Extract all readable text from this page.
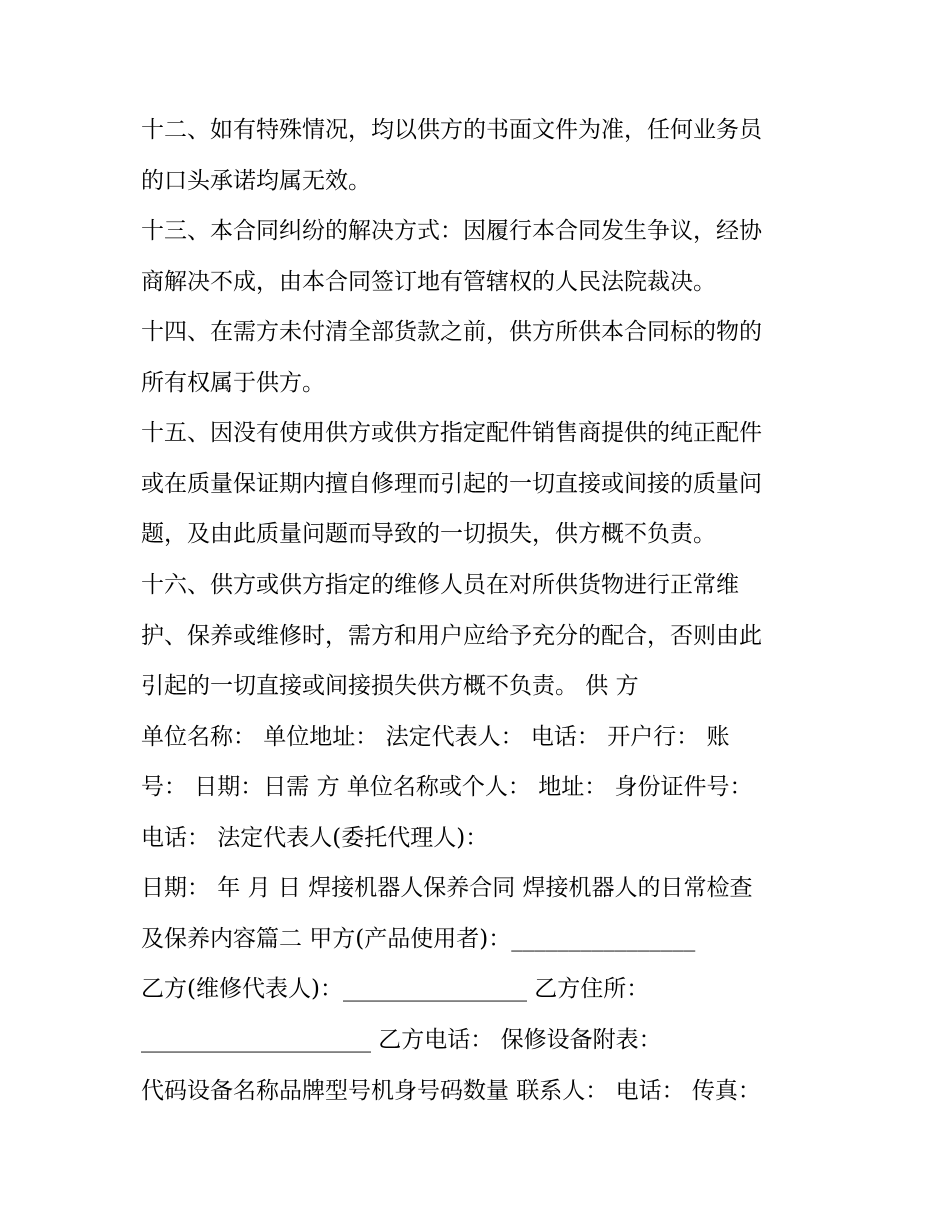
十二、如有特殊情况，均以供方的书面文件为准，任何业务员

的口头承诺均属无效。

十三、本合同纠纷的解决方式：因履行本合同发生争议，经协

商解决不成，由本合同签订地有管辖权的人民法院裁决。

十四、在需方未付清全部货款之前，供方所供本合同标的物的

所有权属于供方。

十五、因没有使用供方或供方指定配件销售商提供的纯正配件

或在质量保证期内擅自修理而引起的一切直接或间接的质量问

题，及由此质量问题而导致的一切损失，供方概不负责。

十六、供方或供方指定的维修人员在对所供货物进行正常维

护、保养或维修时，需方和用户应给予充分的配合，否则由此

引起的一切直接或间接损失供方概不负责。 供 方

单位名称： 单位地址： 法定代表人： 电话： 开户行： 账

号： 日期：日需 方 单位名称或个人： 地址： 身份证件号：

电话： 法定代表人(委托代理人)：

日期： 年 月 日 焊接机器人保养合同 焊接机器人的日常检查

及保养内容篇二 甲方(产品使用者)：________________

乙方(维修代表人)：________________ 乙方住所：

____________________ 乙方电话： 保修设备附表：

代码设备名称品牌型号机身号码数量 联系人： 电话： 传真：
